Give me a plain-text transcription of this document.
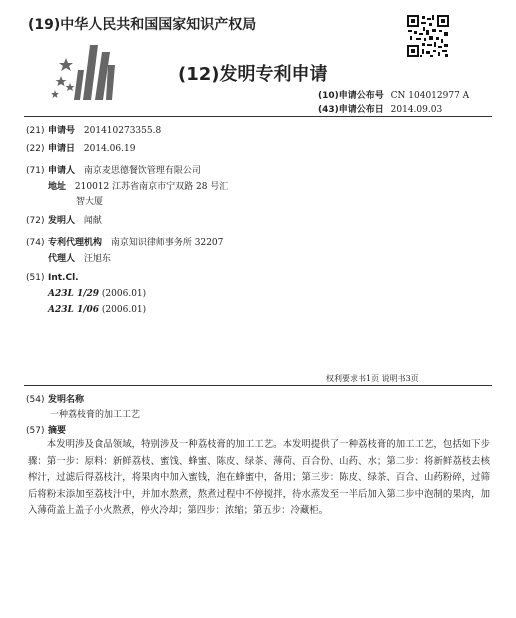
(19)中华人民共和国国家知识产权局
(12)发明专利申请
(10)申请公布号 CN 104012977 A
(43)申请公布日 2014.09.03
(21) 申请号 201410273355.8
(22) 申请日 2014.06.19
(71) 申请人 南京麦思德餐饮管理有限公司
地址 210012 江苏省南京市宁双路 28 号汇
智大厦
(72) 发明人 闻献
(74) 专利代理机构 南京知识律师事务所 32207
代理人 汪旭东
(51) Int.Cl.
A23L 1/29 (2006.01)
A23L 1/06 (2006.01)
权利要求书1页 说明书3页
(54) 发明名称
一种荔枝膏的加工工艺
(57) 摘要
本发明涉及食品领域，特别涉及一种荔枝膏的加工工艺。本发明提供了一种荔枝膏的加工工艺，包括如下步骤：第一步：原料：新鲜荔枝、蜜饯、蜂蜜、陈皮、绿茶、薄荷、百合份、山药、水；第二步：将新鲜荔枝去核榨汁，过滤后得荔枝汁，将果肉中加入蜜钱，泡在蜂蜜中，备用；第三步：陈皮、绿茶、百合、山药粉碎，过筛后将粉末添加至荔枝汁中，并加水熬煮，熬煮过程中不停搅拌，待水蒸发至一半后加入第二步中泡制的果肉，加入薄荷盖上盖子小火熬煮，停火冷却；第四步：浓缩；第五步：冷藏柜。
